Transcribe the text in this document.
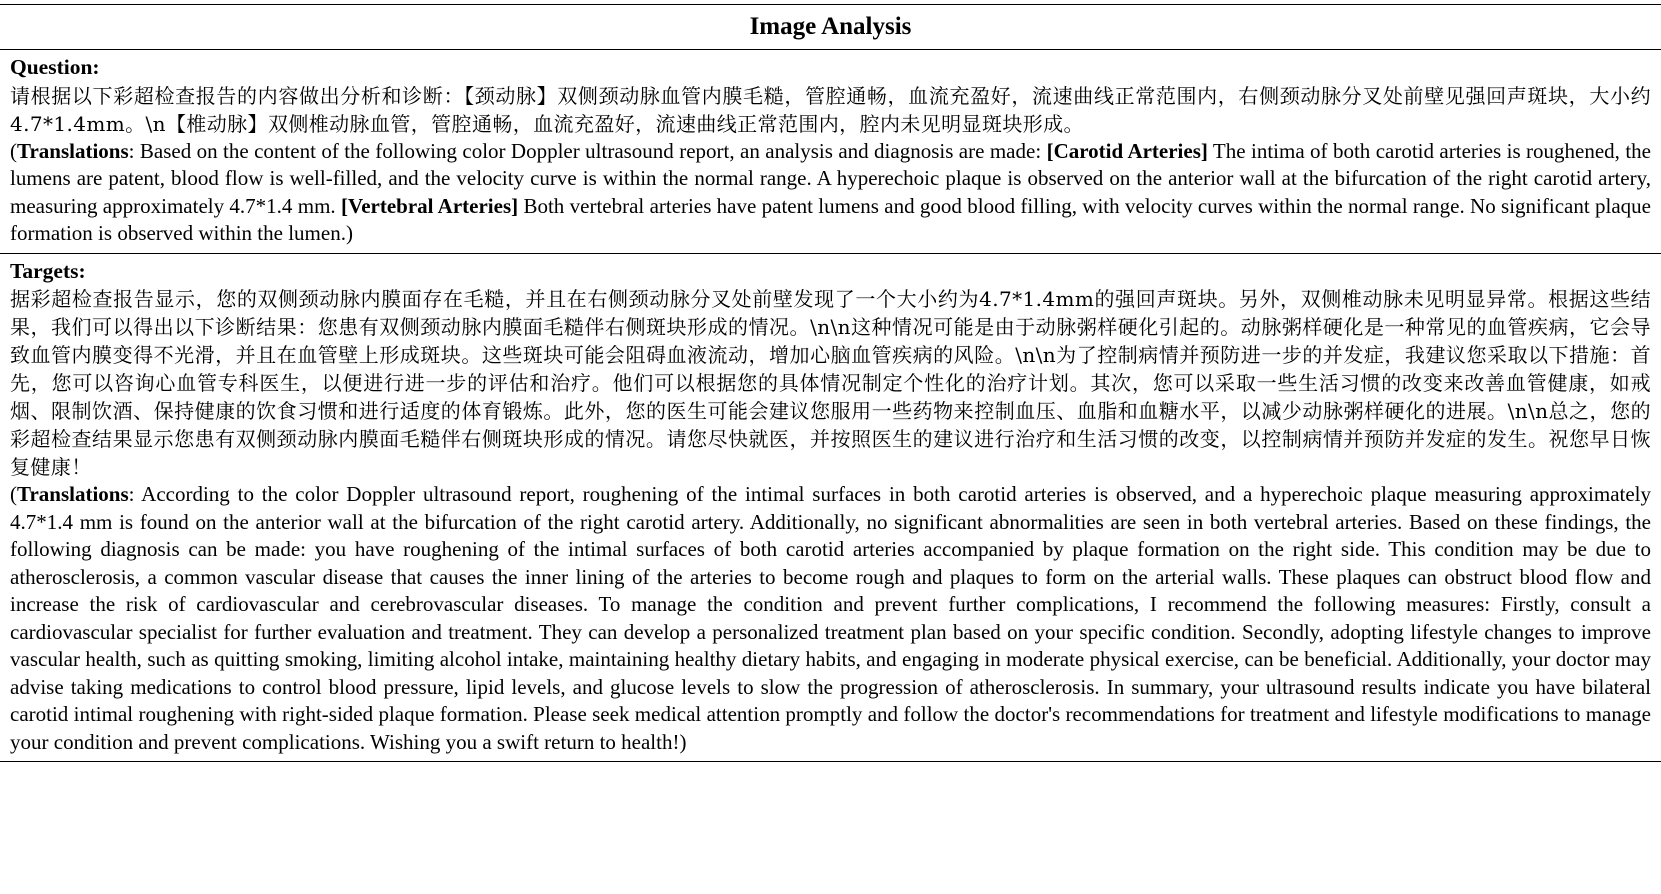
Image Analysis
Question:
请根据以下彩超检查报告的内容做出分析和诊断：【颈动脉】双侧颈动脉血管内膜毛糙，管腔通畅，血流充盈好，流速曲线正常范围内，右侧颈动脉分叉处前壁见强回声斑块，大小约4.7*1.4mm。\n【椎动脉】双侧椎动脉血管，管腔通畅，血流充盈好，流速曲线正常范围内，腔内未见明显斑块形成。
(Translations: Based on the content of the following color Doppler ultrasound report, an analysis and diagnosis are made: [Carotid Arteries] The intima of both carotid arteries is roughened, the lumens are patent, blood flow is well-filled, and the velocity curve is within the normal range. A hyperechoic plaque is observed on the anterior wall at the bifurcation of the right carotid artery, measuring approximately 4.7*1.4 mm. [Vertebral Arteries] Both vertebral arteries have patent lumens and good blood filling, with velocity curves within the normal range. No significant plaque formation is observed within the lumen.)
Targets:
据彩超检查报告显示，您的双侧颈动脉内膜面存在毛糙，并且在右侧颈动脉分叉处前壁发现了一个大小约为4.7*1.4mm的强回声斑块。另外，双侧椎动脉未见明显异常。根据这些结果，我们可以得出以下诊断结果：您患有双侧颈动脉内膜面毛糙伴右侧斑块形成的情况。\n\n这种情况可能是由于动脉粥样硬化引起的。动脉粥样硬化是一种常见的血管疾病，它会导致血管内膜变得不光滑，并且在血管壁上形成斑块。这些斑块可能会阻碍血液流动，增加心脑血管疾病的风险。\n\n为了控制病情并预防进一步的并发症，我建议您采取以下措施：首先，您可以咨询心血管专科医生，以便进行进一步的评估和治疗。他们可以根据您的具体情况制定个性化的治疗计划。其次，您可以采取一些生活习惯的改变来改善血管健康，如戒烟、限制饮酒、保持健康的饮食习惯和进行适度的体育锻炼。此外，您的医生可能会建议您服用一些药物来控制血压、血脂和血糖水平，以减少动脉粥样硬化的进展。\n\n总之，您的彩超检查结果显示您患有双侧颈动脉内膜面毛糙伴右侧斑块形成的情况。请您尽快就医，并按照医生的建议进行治疗和生活习惯的改变，以控制病情并预防并发症的发生。祝您早日恢复健康！
(Translations: According to the color Doppler ultrasound report, roughening of the intimal surfaces in both carotid arteries is observed, and a hyperechoic plaque measuring approximately 4.7*1.4 mm is found on the anterior wall at the bifurcation of the right carotid artery. Additionally, no significant abnormalities are seen in both vertebral arteries. Based on these findings, the following diagnosis can be made: you have roughening of the intimal surfaces of both carotid arteries accompanied by plaque formation on the right side. This condition may be due to atherosclerosis, a common vascular disease that causes the inner lining of the arteries to become rough and plaques to form on the arterial walls. These plaques can obstruct blood flow and increase the risk of cardiovascular and cerebrovascular diseases. To manage the condition and prevent further complications, I recommend the following measures: Firstly, consult a cardiovascular specialist for further evaluation and treatment. They can develop a personalized treatment plan based on your specific condition. Secondly, adopting lifestyle changes to improve vascular health, such as quitting smoking, limiting alcohol intake, maintaining healthy dietary habits, and engaging in moderate physical exercise, can be beneficial. Additionally, your doctor may advise taking medications to control blood pressure, lipid levels, and glucose levels to slow the progression of atherosclerosis. In summary, your ultrasound results indicate you have bilateral carotid intimal roughening with right-sided plaque formation. Please seek medical attention promptly and follow the doctor's recommendations for treatment and lifestyle modifications to manage your condition and prevent complications. Wishing you a swift return to health!)
